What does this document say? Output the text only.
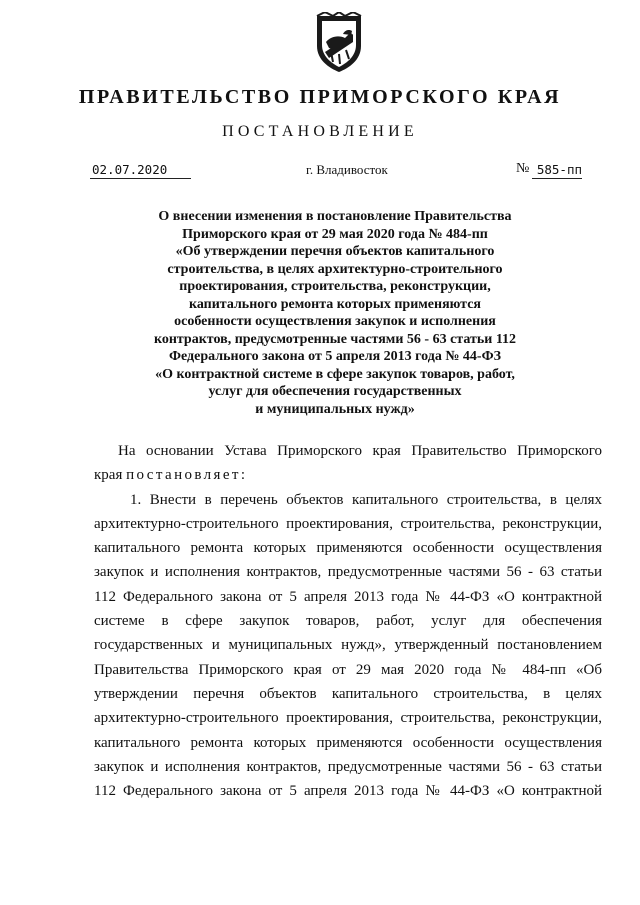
ПРАВИТЕЛЬСТВО ПРИМОРСКОГО КРАЯ
ПОСТАНОВЛЕНИЕ
02.07.2020	г. Владивосток	№ 585-пп
О внесении изменения в постановление Правительства
Приморского края от 29 мая 2020 года № 484-пп
«Об утверждении перечня объектов капитального
строительства, в целях архитектурно-строительного
проектирования, строительства, реконструкции,
капитального ремонта которых применяются
особенности осуществления закупок и исполнения
контрактов, предусмотренные частями 56 - 63 статьи 112
Федерального закона от 5 апреля 2013 года № 44-ФЗ
«О контрактной системе в сфере закупок товаров, работ,
услуг для обеспечения государственных
и муниципальных нужд»
На основании Устава Приморского края Правительство Приморского
края постановляет:
1. Внести в перечень объектов капитального строительства, в целях
архитектурно-строительного проектирования, строительства, реконструкции,
капитального ремонта которых применяются особенности осуществления
закупок и исполнения контрактов, предусмотренные частями 56 - 63 статьи
112 Федерального закона от 5 апреля 2013 года № 44-ФЗ «О контрактной
системе в сфере закупок товаров, работ, услуг для обеспечения
государственных и муниципальных нужд», утвержденный постановлением
Правительства Приморского края от 29 мая 2020 года № 484-пп «Об
утверждении перечня объектов капитального строительства, в целях
архитектурно-строительного проектирования, строительства, реконструкции,
капитального ремонта которых применяются особенности осуществления
закупок и исполнения контрактов, предусмотренные частями 56 - 63 статьи
112 Федерального закона от 5 апреля 2013 года № 44-ФЗ «О контрактной
